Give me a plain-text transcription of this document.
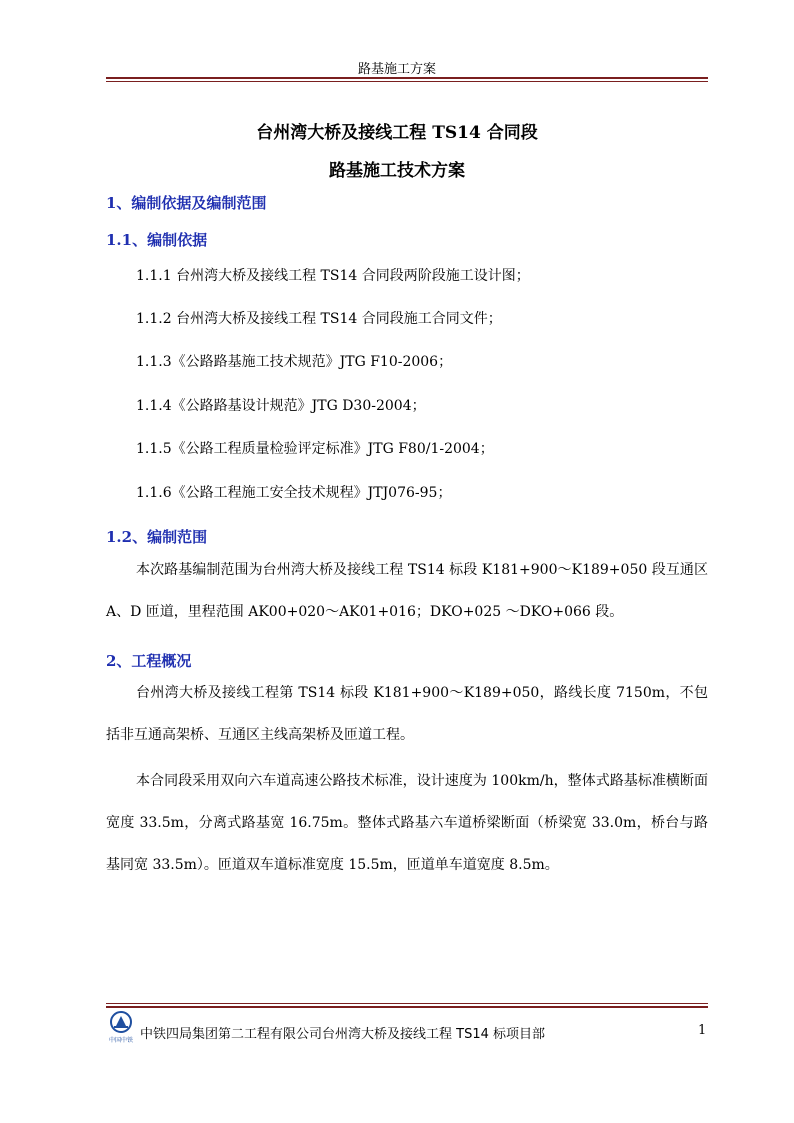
路基施工方案
台州湾大桥及接线工程 TS14 合同段
路基施工技术方案
1、编制依据及编制范围
1.1、编制依据
1.1.1 台州湾大桥及接线工程 TS14 合同段两阶段施工设计图；
1.1.2 台州湾大桥及接线工程 TS14 合同段施工合同文件；
1.1.3《公路路基施工技术规范》JTG F10-2006；
1.1.4《公路路基设计规范》JTG D30-2004；
1.1.5《公路工程质量检验评定标准》JTG F80/1-2004；
1.1.6《公路工程施工安全技术规程》JTJ076-95；
1.2、编制范围
本次路基编制范围为台州湾大桥及接线工程 TS14 标段 K181+900～K189+050 段互通区 A、D 匝道，里程范围 AK00+020～AK01+016；DKO+025 ～DKO+066 段。
2、工程概况
台州湾大桥及接线工程第 TS14 标段 K181+900～K189+050，路线长度 7150m，不包括非互通高架桥、互通区主线高架桥及匝道工程。
本合同段采用双向六车道高速公路技术标准，设计速度为 100km/h，整体式路基标准横断面宽度 33.5m，分离式路基宽 16.75m。整体式路基六车道桥梁断面（桥梁宽 33.0m，桥台与路基同宽 33.5m）。匝道双车道标准宽度 15.5m，匝道单车道宽度 8.5m。
中国中铁 中铁四局集团第二工程有限公司台州湾大桥及接线工程 TS14 标项目部	1
